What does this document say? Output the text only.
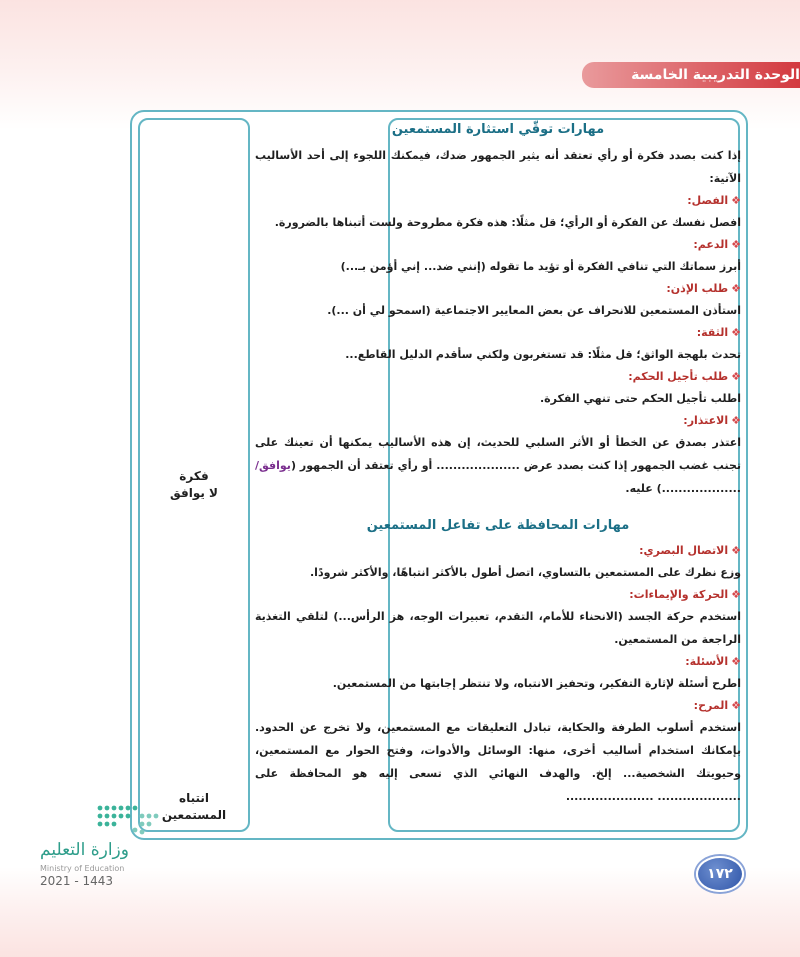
الوحدة التدريبية الخامسة
فكرة
لا يوافق
انتباه
المستمعين
مهارات توقّي استثارة المستمعين
إذا كنت بصدد فكرة أو رأي تعتقد أنه يثير الجمهور ضدك، فيمكنك اللجوء إلى أحد الأساليب الآتية:
❖الفصل:
افصل نفسك عن الفكرة أو الرأي؛ قل مثلًا: هذه فكرة مطروحة ولست أتبناها بالضرورة.
❖الدعم:
أبرز سماتك التي تنافي الفكرة أو تؤيد ما تقوله (إنني ضد... إني أؤمن بـ...)
❖طلب الإذن:
استأذن المستمعين للانحراف عن بعض المعايير الاجتماعية (اسمحو لي أن ...).
❖الثقة:
تحدث بلهجة الواثق؛ قل مثلًا: قد تستغربون ولكني سأقدم الدليل القاطع...
❖طلب تأجيل الحكم:
اطلب تأجيل الحكم حتى تنهي الفكرة.
❖الاعتذار:
اعتذر بصدق عن الخطأ أو الأثر السلبي للحديث، إن هذه الأساليب يمكنها أن تعينك على تجنب غضب الجمهور إذا كنت بصدد عرض .................... أو رأي تعتقد أن الجمهور (يوافق/ ...................) عليه.
مهارات المحافظة على تفاعل المستمعين
❖الاتصال البصري:
وزع نظرك على المستمعين بالتساوي، اتصل أطول بالأكثر انتباهًا، والأكثر شرودًا.
❖الحركة والإيماءات:
استخدم حركة الجسد (الانحناء للأمام، التقدم، تعبيرات الوجه، هز الرأس...) لتلقي التغذية الراجعة من المستمعين.
❖الأسئلة:
اطرح أسئلة لإثارة التفكير، وتحفيز الانتباه، ولا تنتظر إجابتها من المستمعين.
❖المرح:
استخدم أسلوب الطرفة والحكاية، تبادل التعليقات مع المستمعين، ولا تخرج عن الحدود. بإمكانك استخدام أساليب أخرى، منها: الوسائل والأدوات، وفتح الحوار مع المستمعين، وحيويتك الشخصية... إلخ. والهدف النهائي الذي تسعى إليه هو المحافظة على .................... .....................
وزارة التعليم
Ministry of Education
2021 - 1443	١٧٢
